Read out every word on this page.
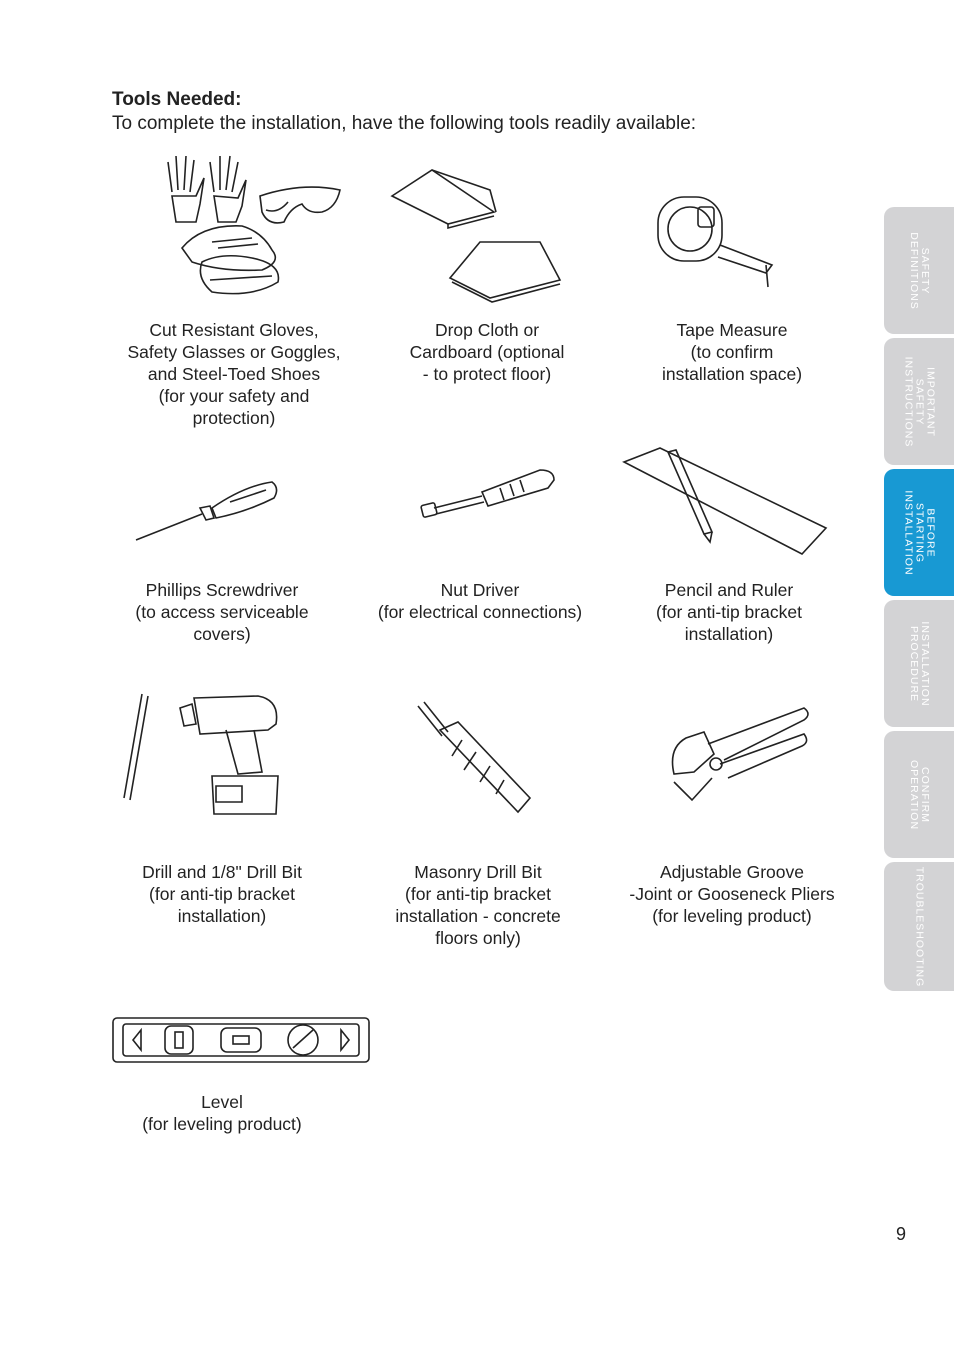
Tools Needed:
To complete the installation, have the following tools readily available:
Cut Resistant Gloves,
Safety Glasses or Goggles,
and Steel-Toed Shoes
(for your safety and
protection)
Drop Cloth or
Cardboard (optional
- to protect floor)
Tape Measure
(to confirm
installation space)
Phillips Screwdriver
(to access serviceable
covers)
Nut Driver
(for electrical connections)
Pencil and Ruler
(for anti-tip bracket
installation)
Drill and 1/8" Drill Bit
(for anti-tip bracket
installation)
Masonry Drill Bit
(for anti-tip bracket
installation - concrete
floors only)
Adjustable Groove
-Joint or Gooseneck Pliers
(for leveling product)
Level
(for leveling product)
SAFETY
DEFINITIONS
IMPORTANT
SAFETY
INSTRUCTIONS
BEFORE
STARTING
INSTALLATION
INSTALLATION
PROCEDURE
CONFIRM
OPERATION
TROUBLESHOOTING
9
